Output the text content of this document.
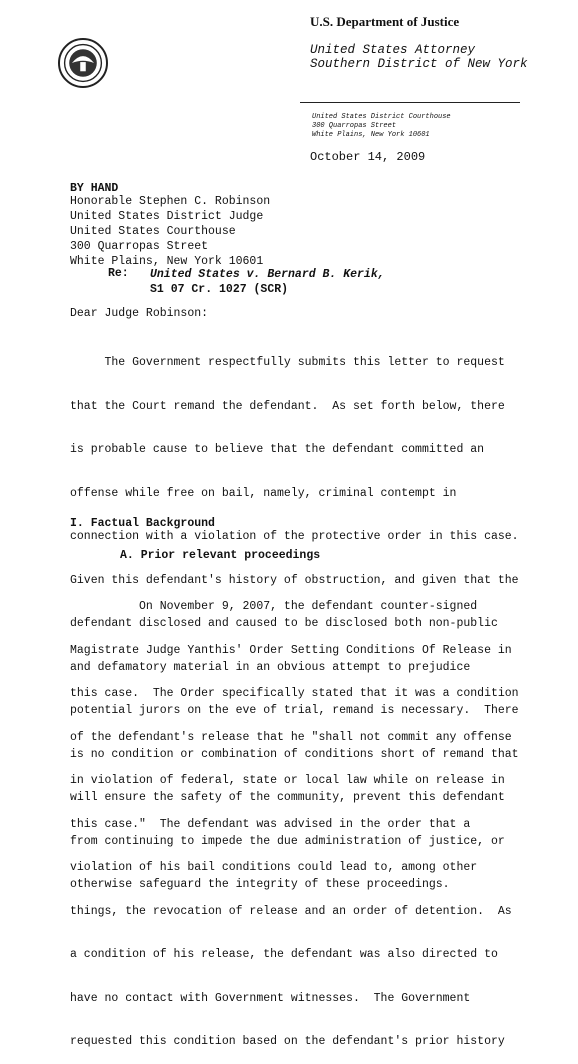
U.S. Department of Justice
United States Attorney
Southern District of New York
United States District Courthouse
300 Quarropas Street
White Plains, New York 10601
October 14, 2009
BY HAND
Honorable Stephen C. Robinson
United States District Judge
United States Courthouse
300 Quarropas Street
White Plains, New York 10601
Re: United States v. Bernard B. Kerik,
S1 07 Cr. 1027 (SCR)
Dear Judge Robinson:

The Government respectfully submits this letter to request

that the Court remand the defendant.  As set forth below, there

is probable cause to believe that the defendant committed an

offense while free on bail, namely, criminal contempt in

connection with a violation of the protective order in this case.

Given this defendant's history of obstruction, and given that the

defendant disclosed and caused to be disclosed both non-public

and defamatory material in an obvious attempt to prejudice

potential jurors on the eve of trial, remand is necessary.  There

is no condition or combination of conditions short of remand that

will ensure the safety of the community, prevent this defendant

from continuing to impede the due administration of justice, or

otherwise safeguard the integrity of these proceedings.

I. Factual Background
A. Prior relevant proceedings

On November 9, 2007, the defendant counter-signed

Magistrate Judge Yanthis' Order Setting Conditions Of Release in

this case.  The Order specifically stated that it was a condition

of the defendant's release that he "shall not commit any offense

in violation of federal, state or local law while on release in

this case."  The defendant was advised in the order that a

violation of his bail conditions could lead to, among other

things, the revocation of release and an order of detention.  As

a condition of his release, the defendant was also directed to

have no contact with Government witnesses.  The Government

requested this condition based on the defendant's prior history
